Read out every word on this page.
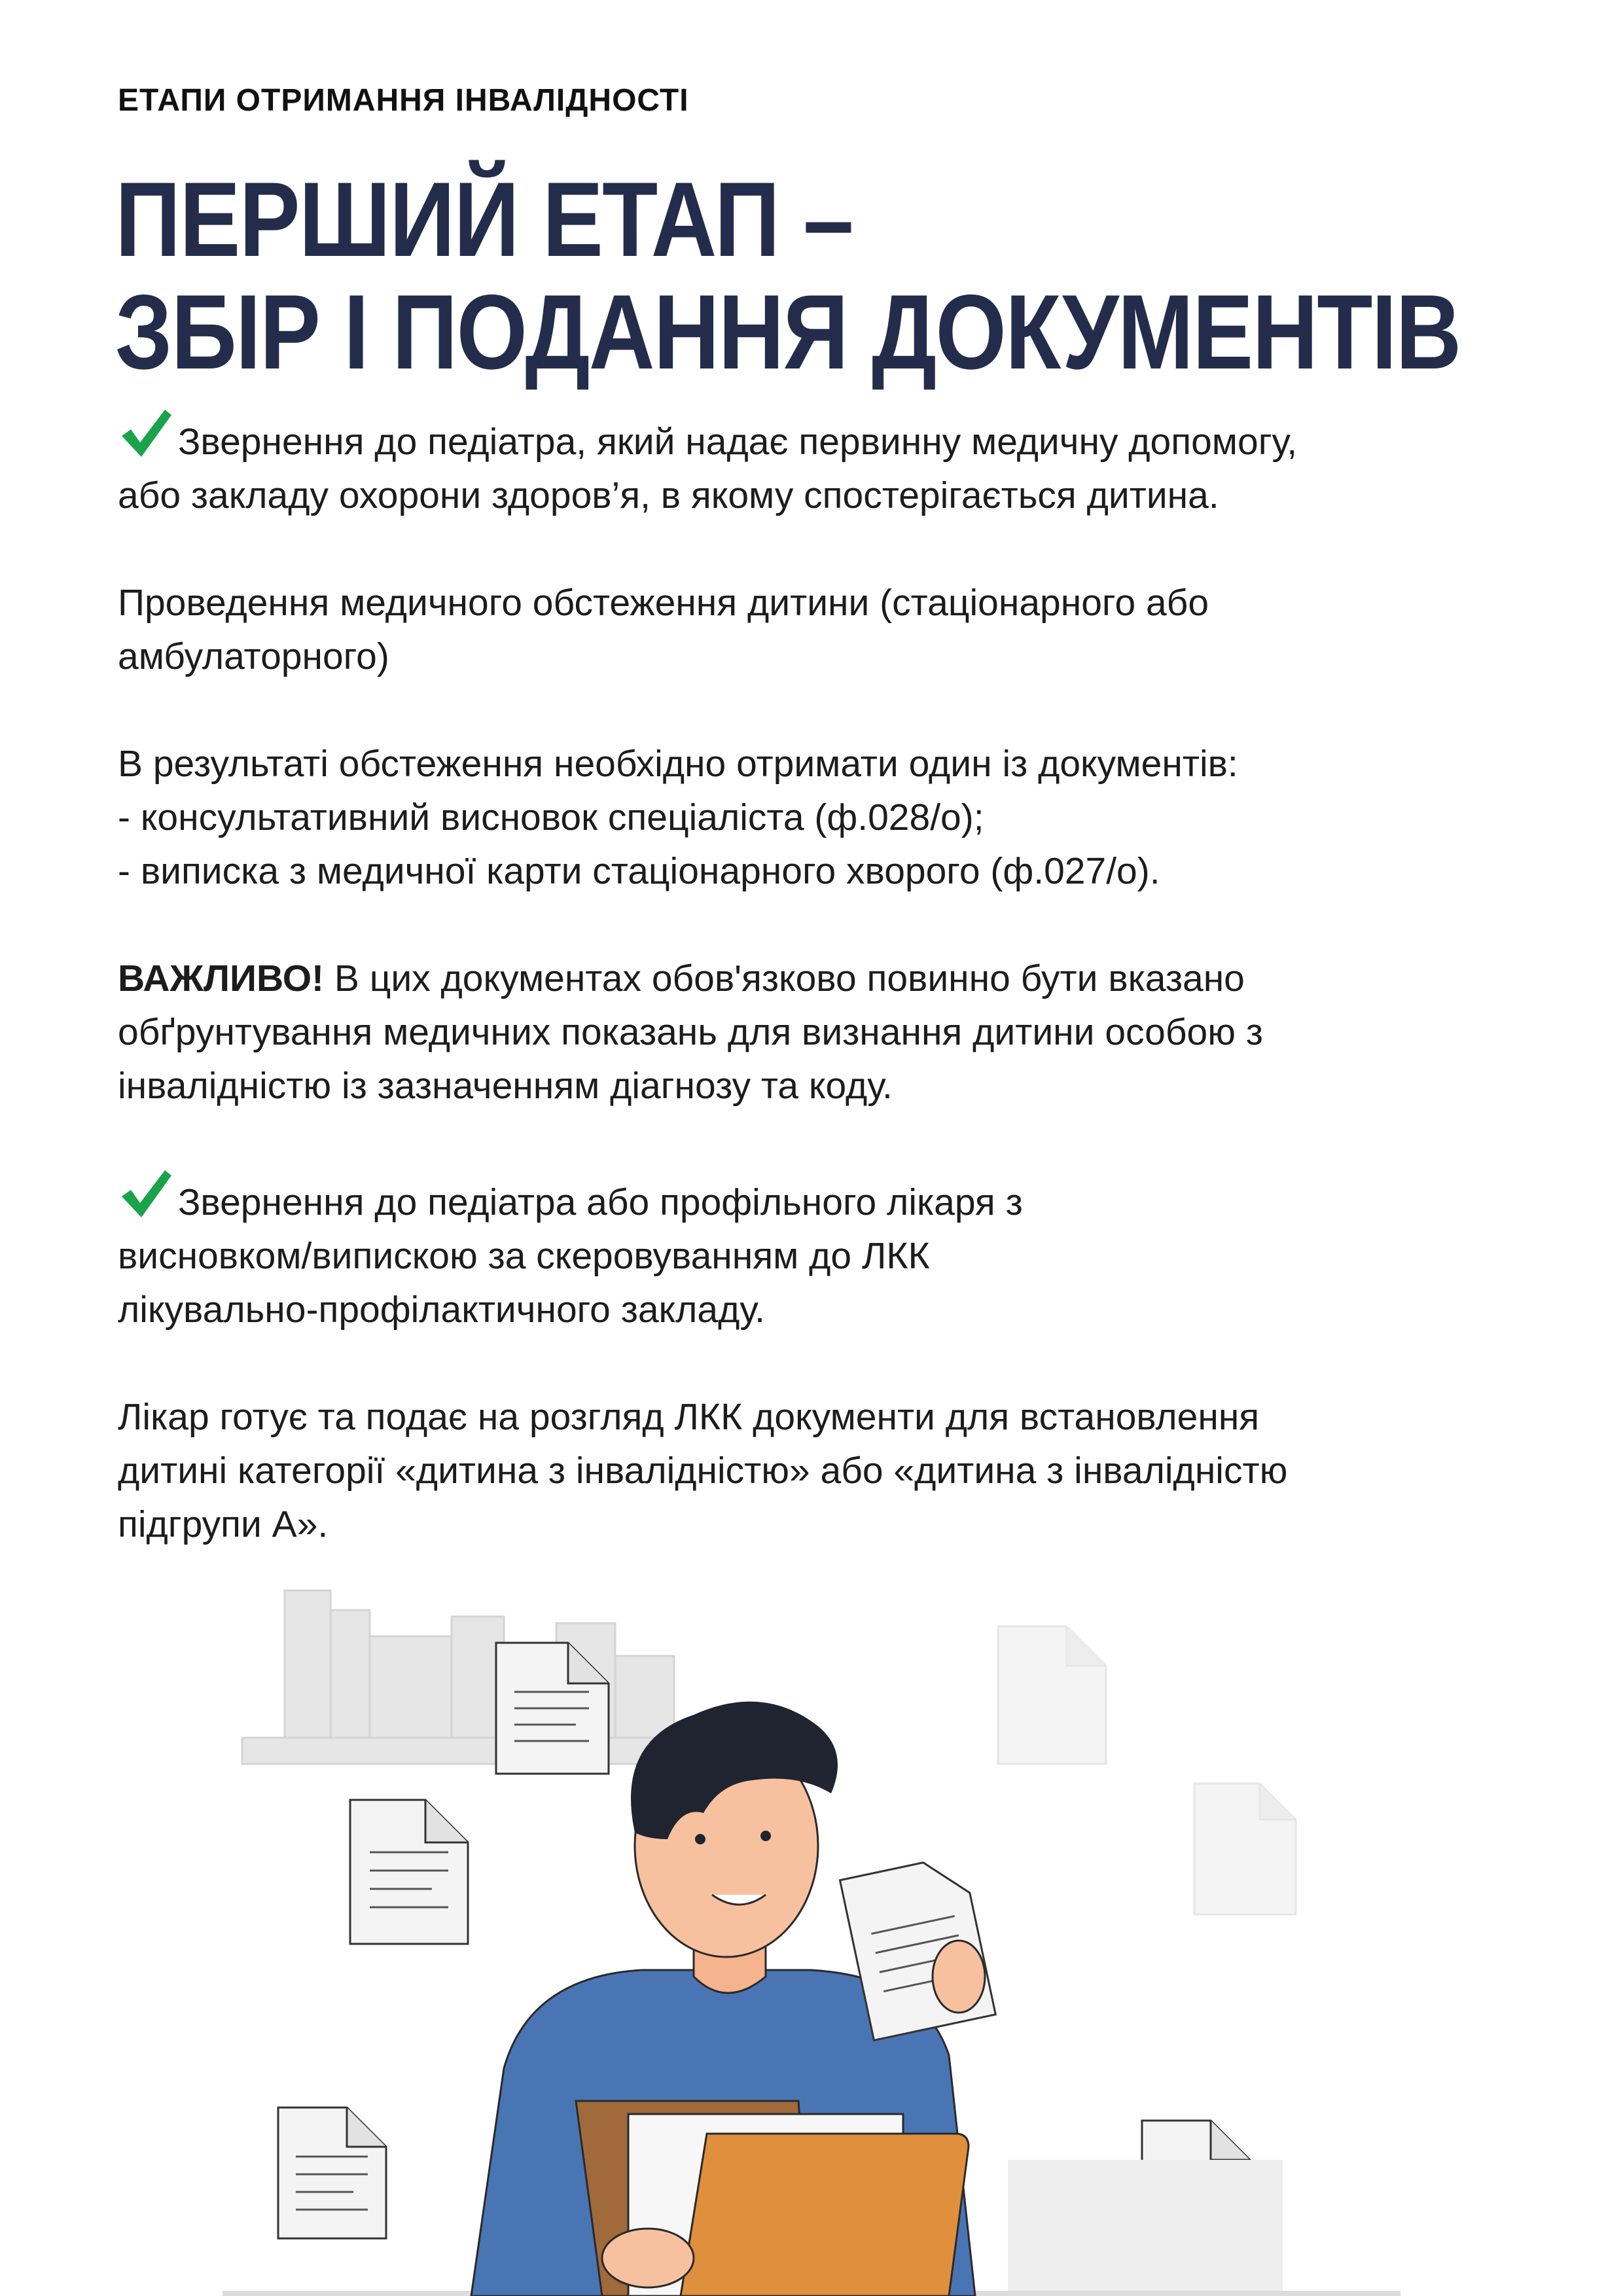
ЕТАПИ ОТРИМАННЯ ІНВАЛІДНОСТІ
ПЕРШИЙ ЕТАП –
ЗБІР І ПОДАННЯ ДОКУМЕНТІВ
Звернення до педіатра, який надає первинну медичну допомогу,
або закладу охорони здоров’я, в якому спостерігається дитина.
Проведення медичного обстеження дитини (стаціонарного або
амбулаторного)
В результаті обстеження необхідно отримати один із документів:
- консультативний висновок спеціаліста (ф.028/о);
- виписка з медичної карти стаціонарного хворого (ф.027/о).
ВАЖЛИВО! В цих документах обов'язково повинно бути вказано
обґрунтування медичних показань для визнання дитини особою з
інвалідністю із зазначенням діагнозу та коду.
Звернення до педіатра або профільного лікаря з
висновком/випискою за скеровуванням до ЛКК
лікувально-профілактичного закладу.
Лікар готує та подає на розгляд ЛКК документи для встановлення
дитині категорії «дитина з інвалідністю» або «дитина з інвалідністю
підгрупи А».
